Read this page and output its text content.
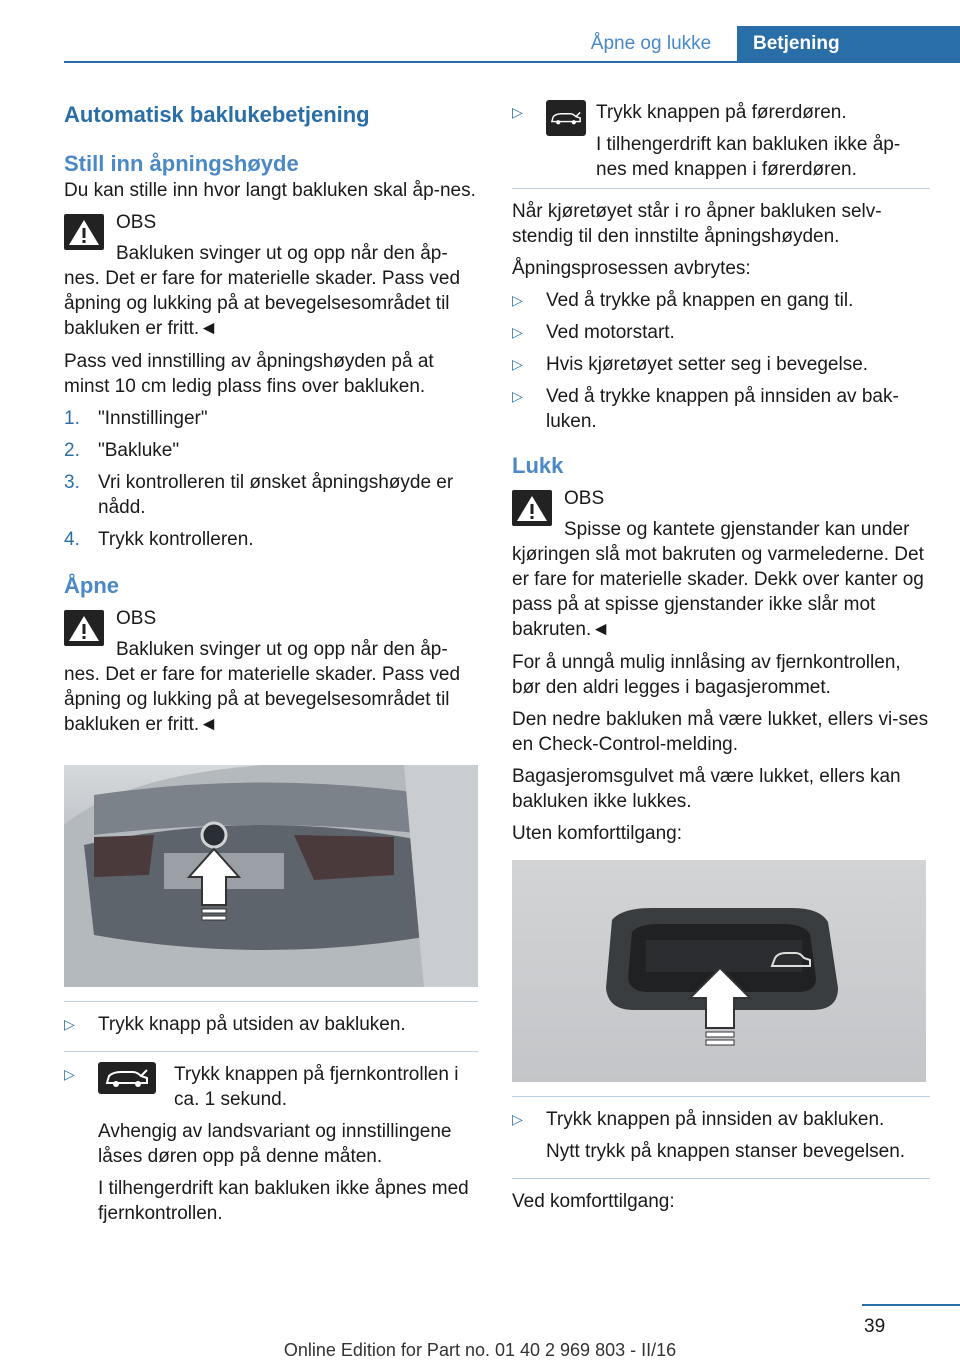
Åpne og lukke	Betjening
Automatisk baklukebetjening
Still inn åpningshøyde

Du kan stille inn hvor langt bakluken skal åp-nes.

OBS
Bakluken svinger ut og opp når den åp-nes. Det er fare for materielle skader. Pass ved åpning og lukking på at bevegelsesområdet til bakluken er fritt.◄

Pass ved innstilling av åpningshøyden på at minst 10 cm ledig plass fins over bakluken.

1. "Innstillinger"
2. "Bakluke"
3. Vri kontrolleren til ønsket åpningshøyde er nådd.
4. Trykk kontrolleren.
Åpne
OBS
Bakluken svinger ut og opp når den åp-nes. Det er fare for materielle skader. Pass ved åpning og lukking på at bevegelsesområdet til bakluken er fritt.◄
▷ Trykk knapp på utsiden av bakluken.
▷	Trykk knappen på fjernkontrollen i ca. 1 sekund.

Avhengig av landsvariant og innstillingene låses døren opp på denne måten.

I tilhengerdrift kan bakluken ikke åpnes med fjernkontrollen.

▷	Trykk knappen på førerdøren.

I tilhengerdrift kan bakluken ikke åp-nes med knappen i førerdøren.

Når kjøretøyet står i ro åpner bakluken selv-stendig til den innstilte åpningshøyden.

Åpningsprosessen avbrytes:

▷ Ved å trykke på knappen en gang til.
▷ Ved motorstart.
▷ Hvis kjøretøyet setter seg i bevegelse.
▷ Ved å trykke knappen på innsiden av bak-luken.
Lukk
OBS
Spisse og kantete gjenstander kan under kjøringen slå mot bakruten og varmelederne. Det er fare for materielle skader. Dekk over kanter og pass på at spisse gjenstander ikke slår mot bakruten.◄

For å unngå mulig innlåsing av fjernkontrollen, bør den aldri legges i bagasjerommet.

Den nedre bakluken må være lukket, ellers vi-ses en Check-Control-melding.

Bagasjeromsgulvet må være lukket, ellers kan bakluken ikke lukkes.

Uten komforttilgang:

▷ Trykk knappen på innsiden av bakluken.

Nytt trykk på knappen stanser bevegelsen.

Ved komforttilgang:

39
Online Edition for Part no. 01 40 2 969 803 - II/16
